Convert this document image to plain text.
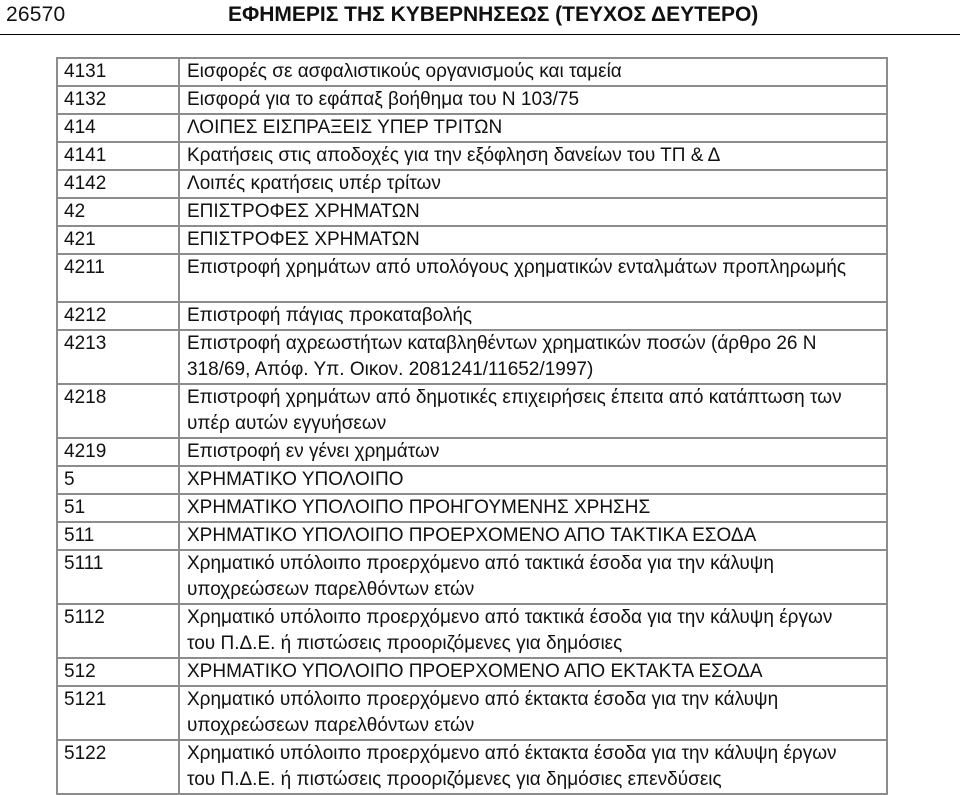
26570	ΕΦΗΜΕΡΙΣ ΤΗΣ ΚΥΒΕΡΝΗΣΕΩΣ (ΤΕΥΧΟΣ ΔΕΥΤΕΡΟ)
4131	Εισφορές σε ασφαλιστικούς οργανισμούς και ταμεία
4132	Εισφορά για το εφάπαξ βοήθημα του Ν 103/75
414	ΛΟΙΠΕΣ ΕΙΣΠΡΑΞΕΙΣ ΥΠΕΡ ΤΡΙΤΩΝ
4141	Κρατήσεις στις αποδοχές για την εξόφληση δανείων του ΤΠ & Δ
4142	Λοιπές κρατήσεις υπέρ τρίτων
42	ΕΠΙΣΤΡΟΦΕΣ ΧΡΗΜΑΤΩΝ
421	ΕΠΙΣΤΡΟΦΕΣ ΧΡΗΜΑΤΩΝ
4211	Επιστροφή χρημάτων από υπολόγους χρηματικών ενταλμάτων προπληρωμής
4212	Επιστροφή πάγιας προκαταβολής
4213	Επιστροφή αχρεωστήτων καταβληθέντων χρηματικών ποσών (άρθρο 26 Ν
318/69, Απόφ. Υπ. Οικον. 2081241/11652/1997)

4218	Επιστροφή χρημάτων από δημοτικές επιχειρήσεις έπειτα από κατάπτωση των
υπέρ αυτών εγγυήσεων

4219	Επιστροφή εν γένει χρημάτων
5	ΧΡΗΜΑΤΙΚΟ ΥΠΟΛΟΙΠΟ
51	ΧΡΗΜΑΤΙΚΟ ΥΠΟΛΟΙΠΟ ΠΡΟΗΓΟΥΜΕΝΗΣ ΧΡΗΣΗΣ
511	ΧΡΗΜΑΤΙΚΟ ΥΠΟΛΟΙΠΟ ΠΡΟΕΡΧΟΜΕΝΟ ΑΠΟ ΤΑΚΤΙΚΑ ΕΣΟΔΑ
5111	Χρηματικό υπόλοιπο προερχόμενο από τακτικά έσοδα για την κάλυψη
υποχρεώσεων παρελθόντων ετών

5112	Χρηματικό υπόλοιπο προερχόμενο από τακτικά έσοδα για την κάλυψη έργων
του Π.Δ.Ε. ή πιστώσεις προοριζόμενες για δημόσιες

512	ΧΡΗΜΑΤΙΚΟ ΥΠΟΛΟΙΠΟ ΠΡΟΕΡΧΟΜΕΝΟ ΑΠΟ ΕΚΤΑΚΤΑ ΕΣΟΔΑ
5121	Χρηματικό υπόλοιπο προερχόμενο από έκτακτα έσοδα για την κάλυψη
υποχρεώσεων παρελθόντων ετών

5122	Χρηματικό υπόλοιπο προερχόμενο από έκτακτα έσοδα για την κάλυψη έργων
του Π.Δ.Ε. ή πιστώσεις προοριζόμενες για δημόσιες επενδύσεις
